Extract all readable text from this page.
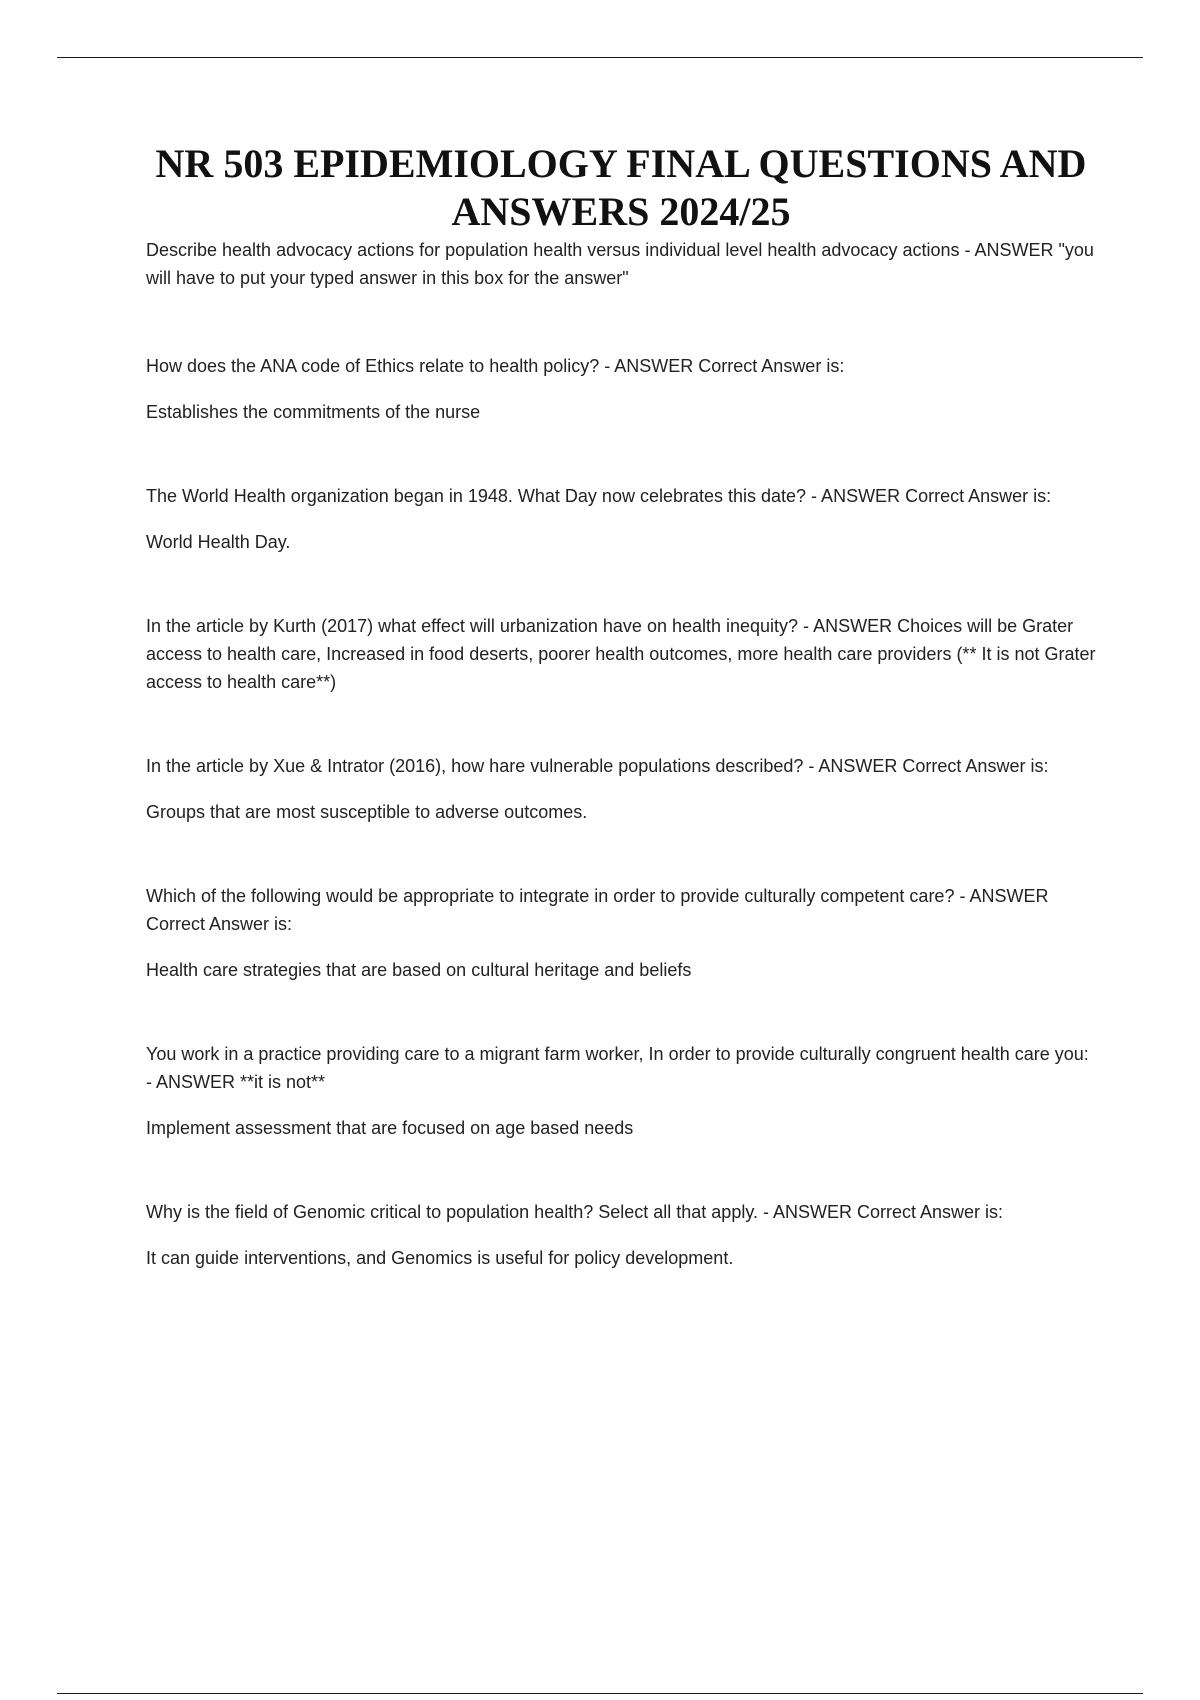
NR 503 EPIDEMIOLOGY FINAL QUESTIONS AND ANSWERS 2024/25

Describe health advocacy actions for population health versus individual level health advocacy actions - ANSWER "you will have to put your typed answer in this box for the answer"

How does the ANA code of Ethics relate to health policy? - ANSWER Correct Answer is:

Establishes the commitments of the nurse

The World Health organization began in 1948. What Day now celebrates this date? - ANSWER Correct Answer is:

World Health Day.

In the article by Kurth (2017) what effect will urbanization have on health inequity? - ANSWER Choices will be Grater access to health care, Increased in food deserts, poorer health outcomes, more health care providers (** It is not Grater access to health care**)

In the article by Xue & Intrator (2016), how hare vulnerable populations described? - ANSWER Correct Answer is:

Groups that are most susceptible to adverse outcomes.

Which of the following would be appropriate to integrate in order to provide culturally competent care? - ANSWER Correct Answer is:

Health care strategies that are based on cultural heritage and beliefs

You work in a practice providing care to a migrant farm worker, In order to provide culturally congruent health care you: - ANSWER **it is not**

Implement assessment that are focused on age based needs

Why is the field of Genomic critical to population health? Select all that apply. - ANSWER Correct Answer is:

It can guide interventions, and Genomics is useful for policy development.
